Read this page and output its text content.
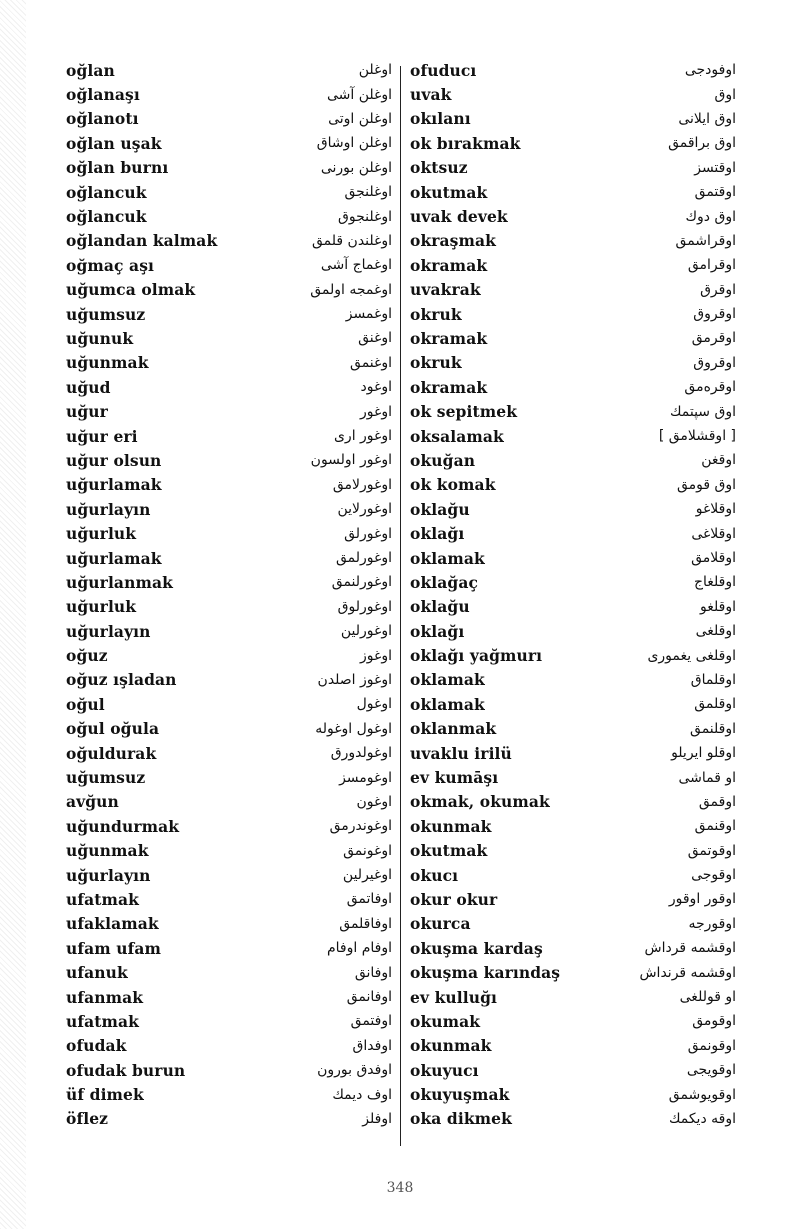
oğlan	اوغلن
oğlanaşı	اوغلن آشی
oğlanotı	اوغلن اوتی
oğlan uşak	اوغلن اوشاق
oğlan burnı	اوغلن بورنی
oğlancuk	اوغلنجق
oğlancuk	اوغلنجوق
oğlandan kalmak	اوغلندن قلمق
oğmaç aşı	اوغماج آشی
uğumca olmak	اوغمجه اولمق
uğumsuz	اوغمسز
uğunuk	اوغنق
uğunmak	اوغنمق
uğud	اوغود
uğur	اوغور
uğur eri	اوغور اری
uğur olsun	اوغور اولسون
uğurlamak	اوغورلامق
uğurlayın	اوغورلاین
uğurluk	اوغورلق
uğurlamak	اوغورلمق
uğurlanmak	اوغورلنمق
uğurluk	اوغورلوق
uğurlayın	اوغورلین
oğuz	اوغوز
oğuz ışladan	اوغوز اصلدن
oğul	اوغول
oğul oğula	اوغول اوغوله
oğuldurak	اوغولدورق
uğumsuz	اوغومسز
avğun	اوغون
uğundurmak	اوغوندرمق
uğunmak	اوغونمق
uğurlayın	اوغیرلین
ufatmak	اوفاتمق
ufaklamak	اوفاقلمق
ufam ufam	اوفام اوفام
ufanuk	اوفانق
ufanmak	اوفانمق
ufatmak	اوفتمق
ofudak	اوفداق
ofudak burun	اوفدق بورون
üf dimek	اوف دیمك
öflez	اوفلز
ofuducı	اوفودجی
uvak	اوق
okılanı	اوق ایلانی
ok bırakmak	اوق براقمق
oktsuz	اوقتسز
okutmak	اوقتمق
uvak devek	اوق دوك
okraşmak	اوقراشمق
okramak	اوقرامق
uvakrak	اوقرق
okruk	اوقروق
okramak	اوقرمق
okruk	اوقروق
okramak	اوقرەمق
ok sepitmek	اوق سپتمك
oksalamak	[ اوقشلامق ]
okuğan	اوقغن
ok komak	اوق قومق
oklağu	اوقلاغو
oklağı	اوقلاغی
oklamak	اوقلامق
oklağaç	اوقلغاج
oklağu	اوقلغو
oklağı	اوقلغی
oklağı yağmurı	اوقلغی یغموری
oklamak	اوقلماق
oklamak	اوقلمق
oklanmak	اوقلنمق
uvaklu irilü	اوقلو ایریلو
ev kumāşı	او قماشی
okmak, okumak	اوقمق
okunmak	اوقنمق
okutmak	اوقوتمق
okucı	اوقوجی
okur okur	اوقور اوقور
okurca	اوقورجه
okuşma kardaş	اوقشمه قرداش
okuşma karındaş	اوقشمه قرنداش
ev kulluğı	او قوللغی
okumak	اوقومق
okunmak	اوقونمق
okuyucı	اوقویجی
okuyuşmak	اوقویوشمق
oka dikmek	اوقه دیکمك
348
